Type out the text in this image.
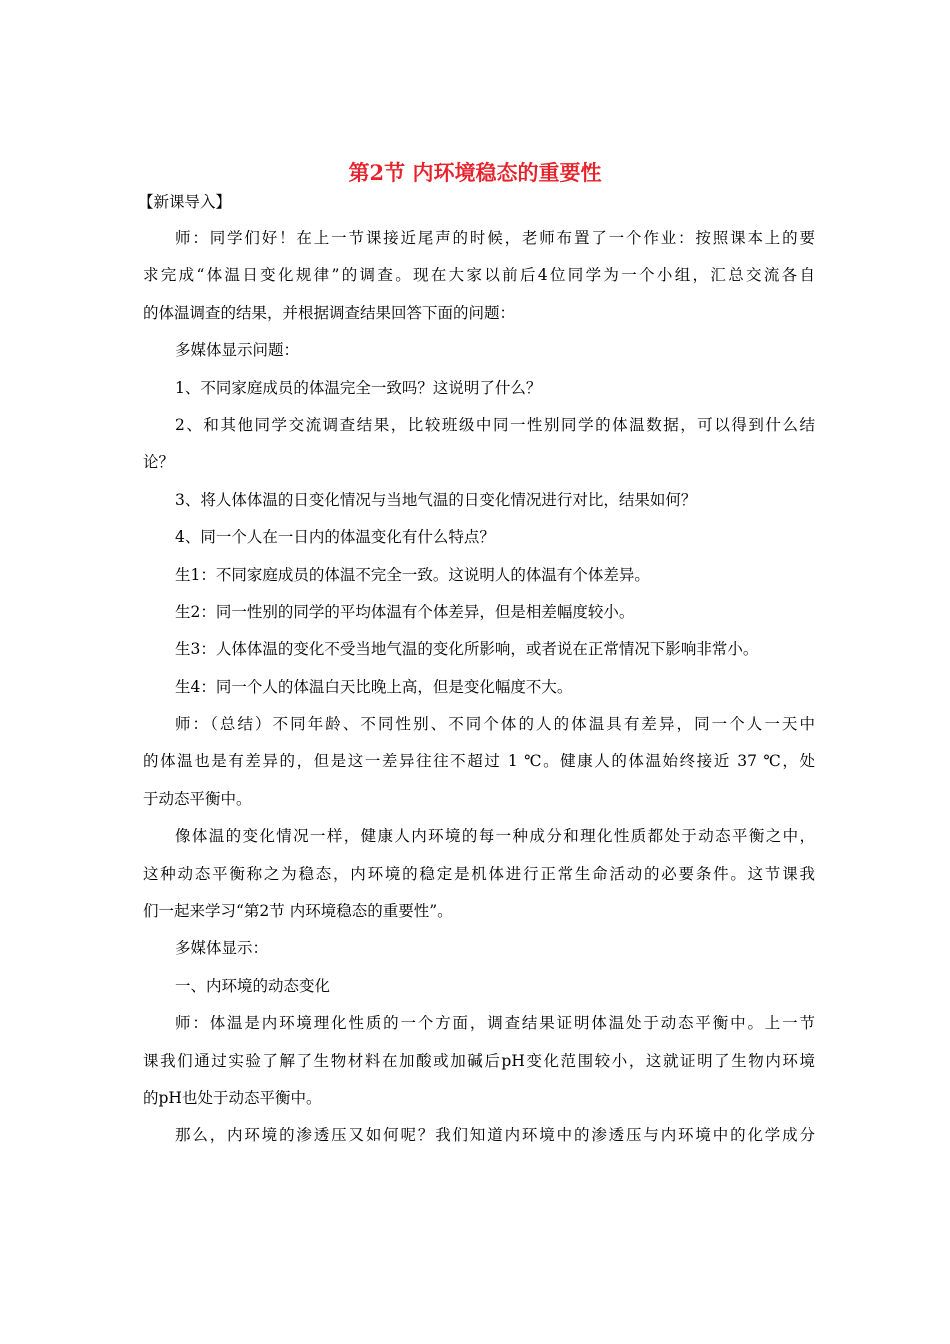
第2节 内环境稳态的重要性
【新课导入】
师：同学们好！在上一节课接近尾声的时候，老师布置了一个作业：按照课本上的要
求完成“体温日变化规律”的调查。现在大家以前后4位同学为一个小组，汇总交流各自
的体温调查的结果，并根据调查结果回答下面的问题：
多媒体显示问题：
1、不同家庭成员的体温完全一致吗？这说明了什么？
2、和其他同学交流调查结果，比较班级中同一性别同学的体温数据，可以得到什么结
论？
3、将人体体温的日变化情况与当地气温的日变化情况进行对比，结果如何？
4、同一个人在一日内的体温变化有什么特点？
生1：不同家庭成员的体温不完全一致。这说明人的体温有个体差异。
生2：同一性别的同学的平均体温有个体差异，但是相差幅度较小。
生3：人体体温的变化不受当地气温的变化所影响，或者说在正常情况下影响非常小。
生4：同一个人的体温白天比晚上高，但是变化幅度不大。
师：（总结）不同年龄、不同性别、不同个体的人的体温具有差异，同一个人一天中
的体温也是有差异的，但是这一差异往往不超过 1 ℃。健康人的体温始终接近 37 ℃，处
于动态平衡中。
像体温的变化情况一样，健康人内环境的每一种成分和理化性质都处于动态平衡之中，
这种动态平衡称之为稳态，内环境的稳定是机体进行正常生命活动的必要条件。这节课我
们一起来学习“第2节 内环境稳态的重要性”。
多媒体显示：
一、内环境的动态变化
师：体温是内环境理化性质的一个方面，调查结果证明体温处于动态平衡中。上一节
课我们通过实验了解了生物材料在加酸或加碱后pH变化范围较小，这就证明了生物内环境
的pH也处于动态平衡中。
那么，内环境的渗透压又如何呢？我们知道内环境中的渗透压与内环境中的化学成分
